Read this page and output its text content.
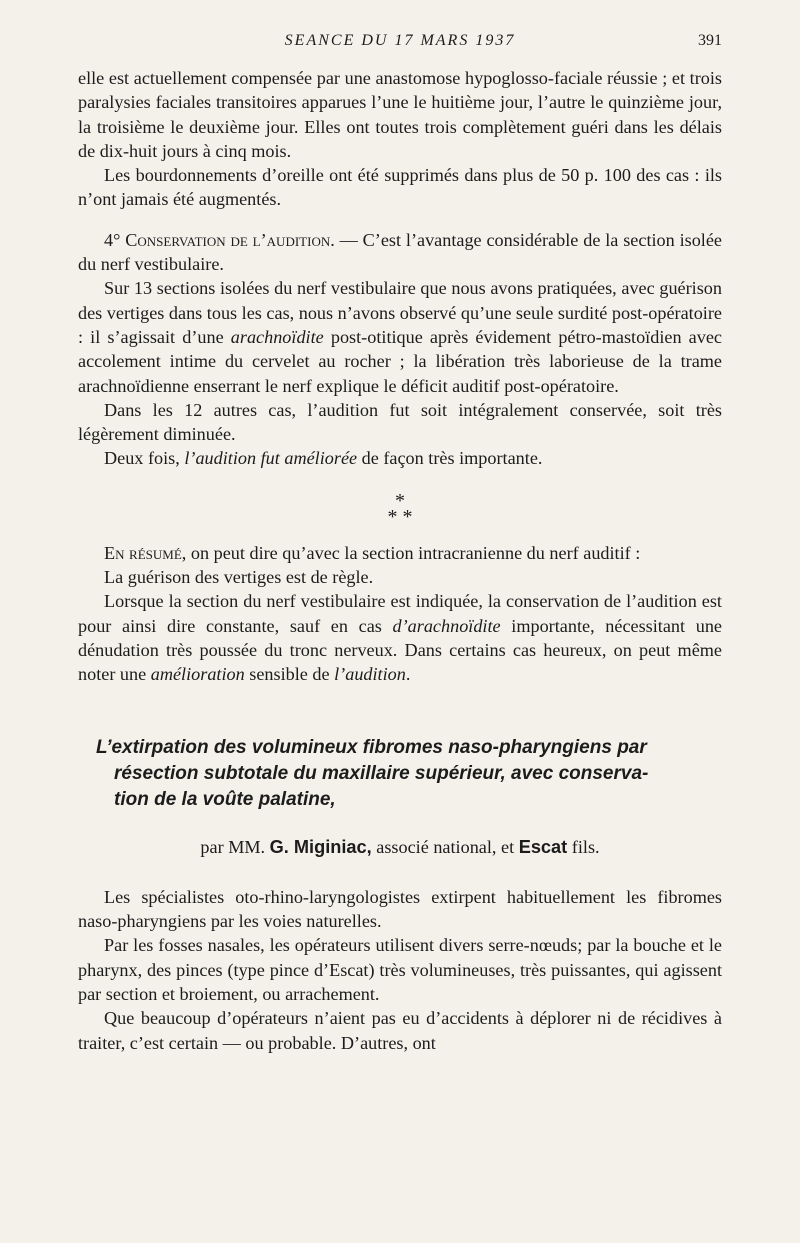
SEANCE DU 17 MARS 1937	391

elle est actuellement compensée par une anastomose hypoglosso-faciale réussie ; et trois paralysies faciales transitoires apparues l’une le huitième jour, l’autre le quinzième jour, la troisième le deuxième jour. Elles ont toutes trois complètement guéri dans les délais de dix-huit jours à cinq mois.

Les bourdonnements d’oreille ont été supprimés dans plus de 50 p. 100 des cas : ils n’ont jamais été augmentés.

4° Conservation de l’audition. — C’est l’avantage considérable de la section isolée du nerf vestibulaire.

Sur 13 sections isolées du nerf vestibulaire que nous avons pratiquées, avec guérison des vertiges dans tous les cas, nous n’avons observé qu’une seule surdité post-opératoire : il s’agissait d’une arachnoïdite post-otitique après évidement pétro-mastoïdien avec accolement intime du cervelet au rocher ; la libération très laborieuse de la trame arachnoïdienne enserrant le nerf explique le déficit auditif post-opératoire.

Dans les 12 autres cas, l’audition fut soit intégralement conservée, soit très légèrement diminuée.

Deux fois, l’audition fut améliorée de façon très importante.

*
* *

En résumé, on peut dire qu’avec la section intracranienne du nerf auditif :

La guérison des vertiges est de règle.

Lorsque la section du nerf vestibulaire est indiquée, la conservation de l’audition est pour ainsi dire constante, sauf en cas d’arachnoïdite importante, nécessitant une dénudation très poussée du tronc nerveux. Dans certains cas heureux, on peut même noter une amélioration sensible de l’audition.

L’extirpation des volumineux fibromes naso-pharyngiens par
résection subtotale du maxillaire supérieur, avec conserva-
tion de la voûte palatine,

par MM. G. Miginiac, associé national, et Escat fils.

Les spécialistes oto-rhino-laryngologistes extirpent habituellement les fibromes naso-pharyngiens par les voies naturelles.

Par les fosses nasales, les opérateurs utilisent divers serre-nœuds; par la bouche et le pharynx, des pinces (type pince d’Escat) très volumineuses, très puissantes, qui agissent par section et broiement, ou arrachement.

Que beaucoup d’opérateurs n’aient pas eu d’accidents à déplorer ni de récidives à traiter, c’est certain — ou probable. D’autres, ont
